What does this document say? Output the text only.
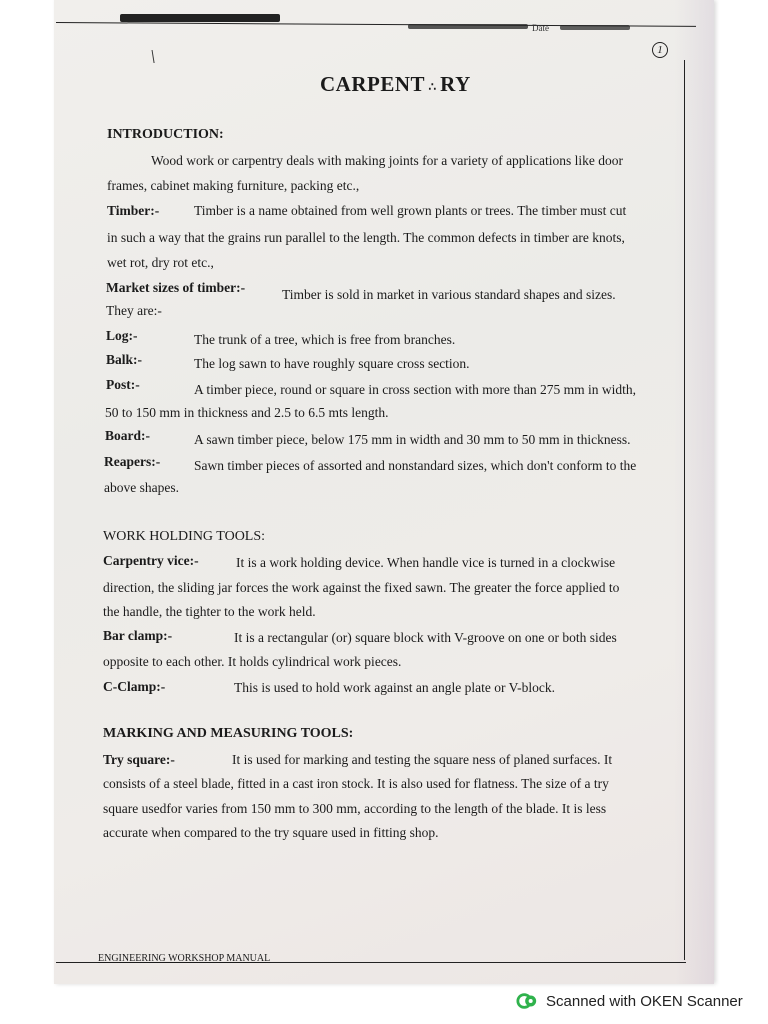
Date
1
\
CARPENT ∴ RY
INTRODUCTION:
Wood work or carpentry deals with making joints for a variety of applications like door
frames, cabinet making furniture, packing etc.,
Timber:-	Timber is a name obtained from well grown plants or trees. The timber must cut
in such a way that the grains run parallel to the length. The common defects in timber are knots,
wet rot, dry rot etc.,
Market sizes of timber:-	Timber is sold in market in various standard shapes and sizes.
They are:-
Log:-	The trunk of a tree, which is free from branches.
Balk:-	The log sawn to have roughly square cross section.
Post:-	A timber piece, round or square in cross section with more than 275 mm in width,
50 to 150 mm in thickness and 2.5 to 6.5 mts length.
Board:-	A sawn timber piece, below 175 mm in width and 30 mm to 50 mm in thickness.
Reapers:-	Sawn timber pieces of assorted and nonstandard sizes, which don't conform to the
above shapes.
WORK HOLDING TOOLS:
Carpentry vice:-	It is a work holding device. When handle vice is turned in a clockwise
direction, the sliding jar forces the work against the fixed sawn. The greater the force applied to
the handle, the tighter to the work held.
Bar clamp:-	It is a rectangular (or) square block with V-groove on one or both sides
opposite to each other. It holds cylindrical work pieces.
C-Clamp:-	This is used to hold work against an angle plate or V-block.
MARKING AND MEASURING TOOLS:
Try square:-	It is used for marking and testing the square ness of planed surfaces. It
consists of a steel blade, fitted in a cast iron stock. It is also used for flatness. The size of a try
square usedfor varies from 150 mm to 300 mm, according to the length of the blade. It is less
accurate when compared to the try square used in fitting shop.
ENGINEERING WORKSHOP MANUAL
Scanned with OKEN Scanner
